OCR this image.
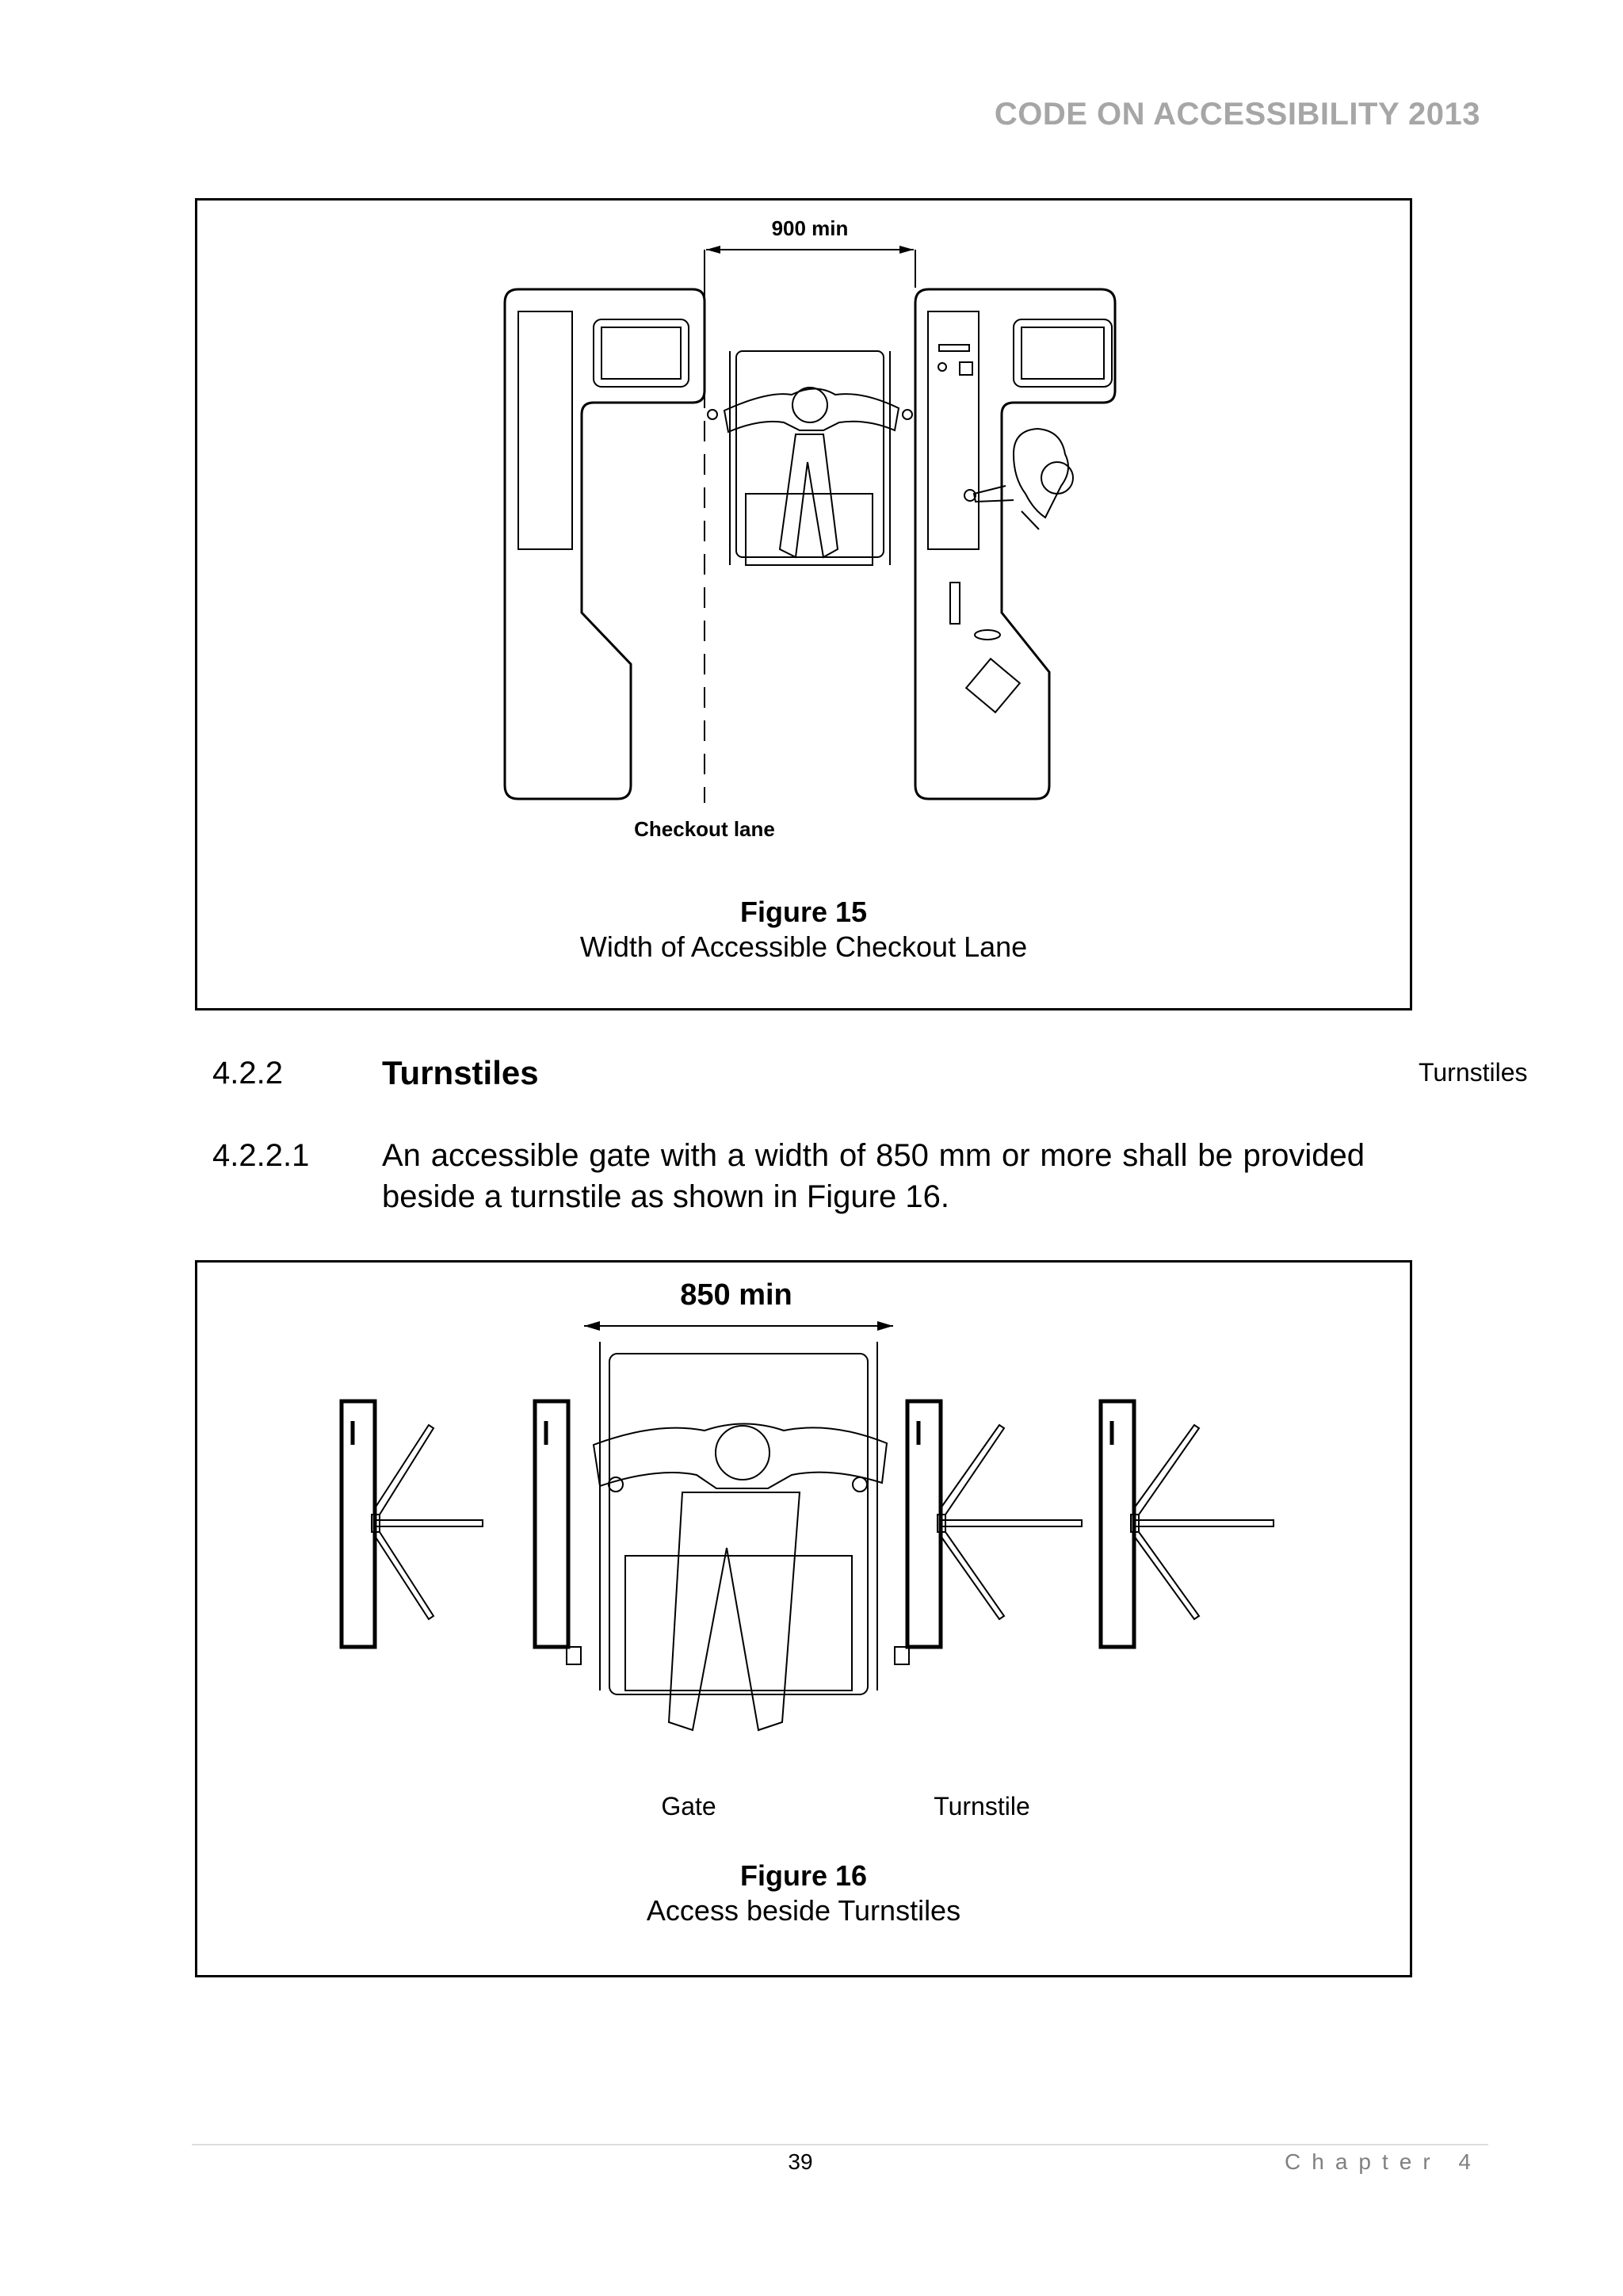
CODE ON ACCESSIBILITY 2013
900 min
Checkout lane
Figure 15
Width of Accessible Checkout Lane
4.2.2	Turnstiles	Turnstiles
4.2.2.1 An accessible gate with a width of 850 mm or more shall be provided
beside a turnstile as shown in Figure 16.
850 min
Gate	Turnstile
Figure 16
Access beside Turnstiles
39	Chapter 4
